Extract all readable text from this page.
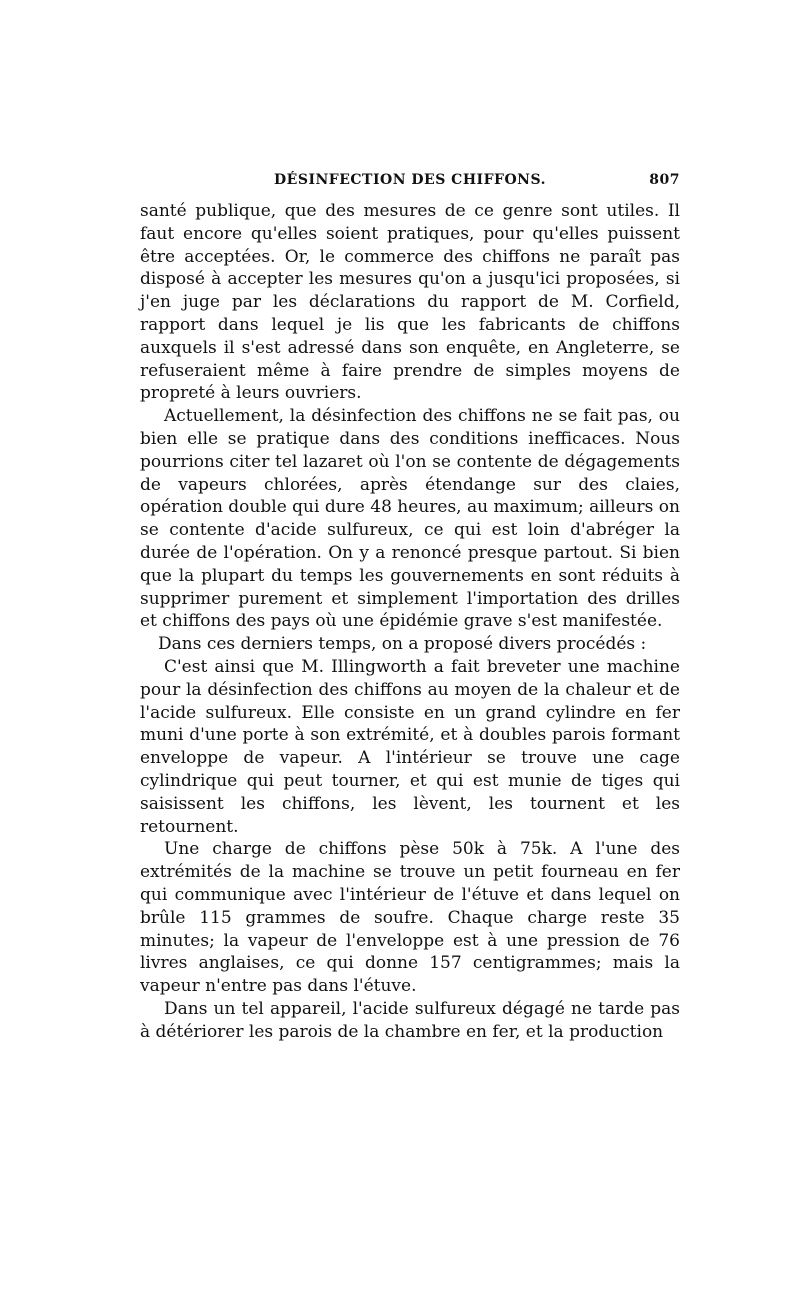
DÉSINFECTION DES CHIFFONS.	807

santé publique, que des mesures de ce genre sont utiles. Il faut encore qu'elles soient pratiques, pour qu'elles puissent être acceptées. Or, le commerce des chiffons ne paraît pas disposé à accepter les mesures qu'on a jusqu'ici proposées, si j'en juge par les déclarations du rapport de M. Corfield, rapport dans lequel je lis que les fabricants de chiffons auxquels il s'est adressé dans son enquête, en Angleterre, se refuseraient même à faire prendre de simples moyens de propreté à leurs ouvriers.

Actuellement, la désinfection des chiffons ne se fait pas, ou bien elle se pratique dans des conditions inefficaces. Nous pourrions citer tel lazaret où l'on se contente de dégagements de vapeurs chlorées, après étendange sur des claies, opération double qui dure 48 heures, au maximum; ailleurs on se contente d'acide sulfureux, ce qui est loin d'abréger la durée de l'opération. On y a renoncé presque partout. Si bien que la plupart du temps les gouvernements en sont réduits à supprimer purement et simplement l'importation des drilles et chiffons des pays où une épidémie grave s'est manifestée.

Dans ces derniers temps, on a proposé divers procédés :

C'est ainsi que M. Illingworth a fait breveter une machine pour la désinfection des chiffons au moyen de la chaleur et de l'acide sulfureux. Elle consiste en un grand cylindre en fer muni d'une porte à son extrémité, et à doubles parois formant enveloppe de vapeur. A l'intérieur se trouve une cage cylindrique qui peut tourner, et qui est munie de tiges qui saisissent les chiffons, les lèvent, les tournent et les retournent.

Une charge de chiffons pèse 50k à 75k. A l'une des extrémités de la machine se trouve un petit fourneau en fer qui communique avec l'intérieur de l'étuve et dans lequel on brûle 115 grammes de soufre. Chaque charge reste 35 minutes; la vapeur de l'enveloppe est à une pression de 76 livres anglaises, ce qui donne 157 centigrammes; mais la vapeur n'entre pas dans l'étuve.

Dans un tel appareil, l'acide sulfureux dégagé ne tarde pas à détériorer les parois de la chambre en fer, et la production
